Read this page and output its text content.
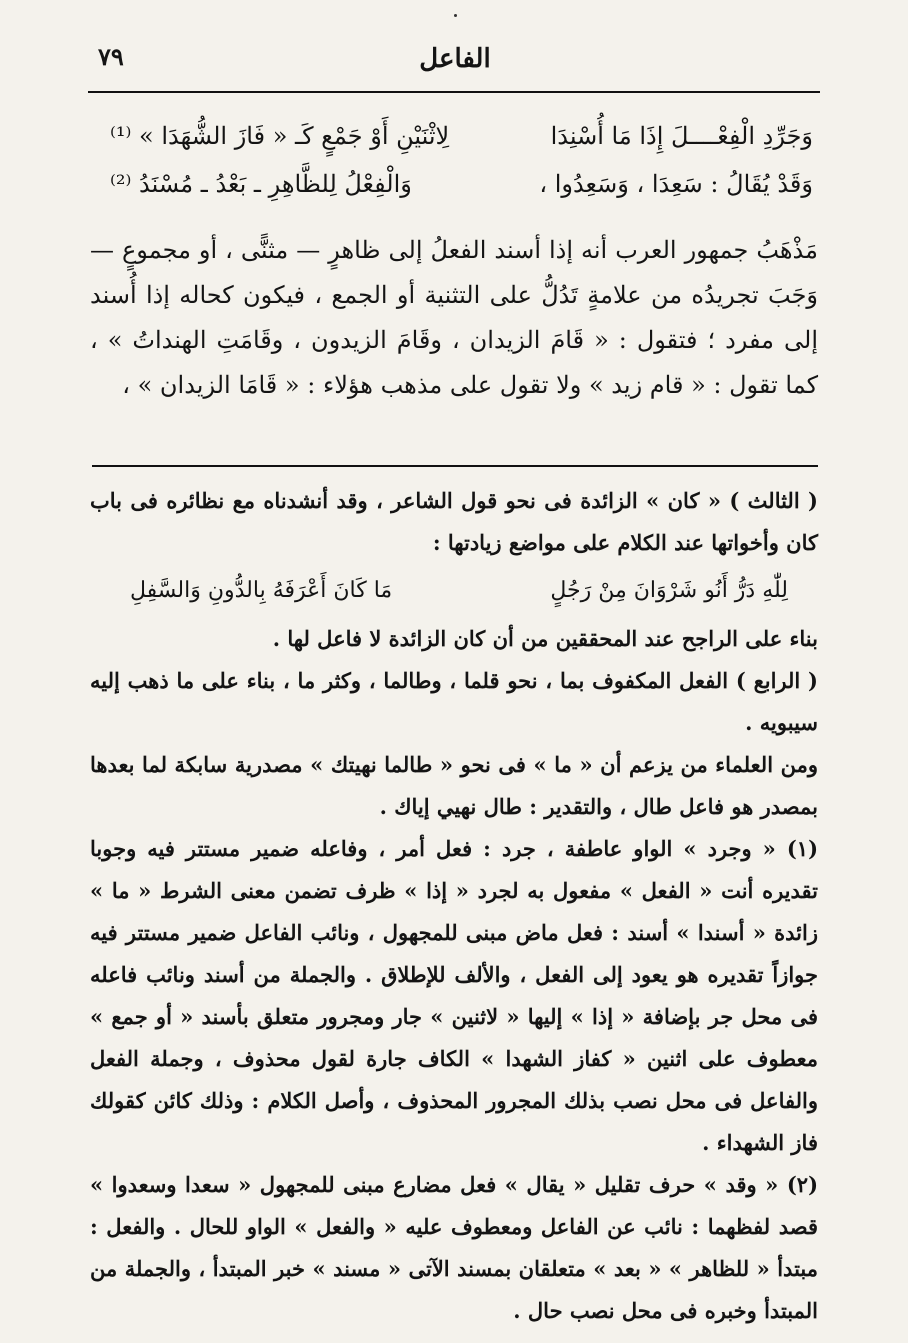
الفاعل
٧٩
وَجَرِّدِ الْفِعْــــلَ إِذَا مَا أُسْنِدَا
لِاثْنَيْنِ أَوْ جَمْعٍ كَـ « فَازَ الشُّهَدَا » ⁽¹⁾
وَقَدْ يُقَالُ : سَعِدَا ، وَسَعِدُوا ،
وَالْفِعْلُ لِلظَّاهِرِ ـ بَعْدُ ـ مُسْنَدُ ⁽²⁾

مَذْهَبُ جمهور العرب أنه إذا أسند الفعلُ إلى ظاهرٍ — مثنًّى ، أو مجموعٍ — وَجَبَ تجريدُه من علامةٍ تَدُلُّ على التثنية أو الجمع ، فيكون كحاله إذا أُسند إلى مفرد ؛ فتقول : « قَامَ الزيدان ، وقَامَ الزيدون ، وقَامَتِ الهنداتُ » ، كما تقول : « قام زيد » ولا تقول على مذهب هؤلاء : « قَامَا الزيدان » ،

( الثالث ) « كان » الزائدة فى نحو قول الشاعر ، وقد أنشدناه مع نظائره فى باب كان وأخواتها عند الكلام على مواضع زيادتها :

لِلّٰهِ دَرُّ أَنُو شَرْوَانَ مِنْ رَجُلٍ
مَا كَانَ أَعْرَفَهُ بِالدُّونِ وَالسَّفِلِ

بناء على الراجح عند المحققين من أن كان الزائدة لا فاعل لها .

( الرابع ) الفعل المكفوف بما ، نحو قلما ، وطالما ، وكثر ما ، بناء على ما ذهب إليه سيبويه .

ومن العلماء من يزعم أن « ما » فى نحو « طالما نهيتك » مصدرية سابكة لما بعدها بمصدر هو فاعل طال ، والتقدير : طال نهيي إياك .

(١) « وجرد » الواو عاطفة ، جرد : فعل أمر ، وفاعله ضمير مستتر فيه وجوبا تقديره أنت « الفعل » مفعول به لجرد « إذا » ظرف تضمن معنى الشرط « ما » زائدة « أسندا » أسند : فعل ماض مبنى للمجهول ، ونائب الفاعل ضمير مستتر فيه جوازاً تقديره هو يعود إلى الفعل ، والألف للإطلاق . والجملة من أسند ونائب فاعله فى محل جر بإضافة « إذا » إليها « لاثنين » جار ومجرور متعلق بأسند « أو جمع » معطوف على اثنين « كفاز الشهدا » الكاف جارة لقول محذوف ، وجملة الفعل والفاعل فى محل نصب بذلك المجرور المحذوف ، وأصل الكلام : وذلك كائن كقولك فاز الشهداء .

(٢) « وقد » حرف تقليل « يقال » فعل مضارع مبنى للمجهول « سعدا وسعدوا » قصد لفظهما : نائب عن الفاعل ومعطوف عليه « والفعل » الواو للحال . والفعل : مبتدأ « للظاهر » « بعد » متعلقان بمسند الآتى « مسند » خبر المبتدأ ، والجملة من المبتدأ وخبره فى محل نصب حال .
